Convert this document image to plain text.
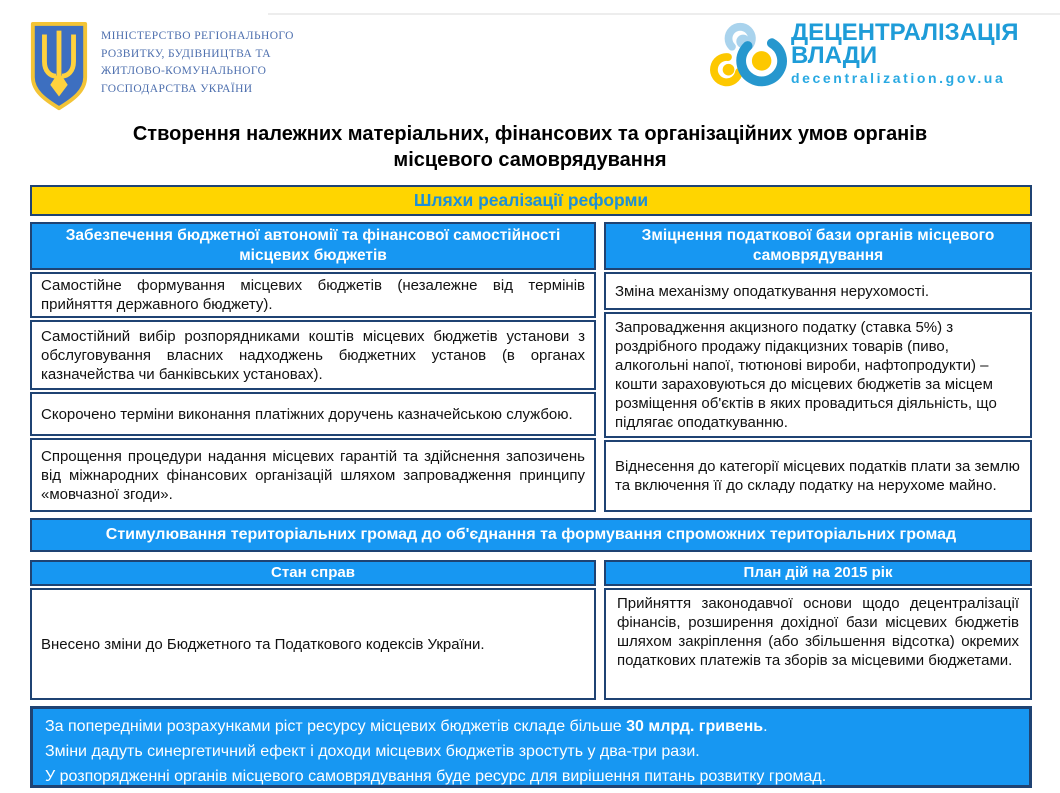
МІНІСТЕРСТВО РЕГІОНАЛЬНОГО
РОЗВИТКУ, БУДІВНИЦТВА ТА
ЖИТЛОВО-КОМУНАЛЬНОГО
ГОСПОДАРСТВА УКРАЇНИ
ДЕЦЕНТРАЛІЗАЦІЯ
ВЛАДИ
decentralization.gov.ua
Створення належних матеріальних, фінансових та організаційних умов органів місцевого самоврядування
Шляхи реалізації реформи
Забезпечення бюджетної автономії та фінансової самостійності місцевих бюджетів
Самостійне формування місцевих бюджетів (незалежне від термінів прийняття державного бюджету).
Самостійний вибір розпорядниками коштів місцевих бюджетів установи з обслуговування власних надходжень бюджетних установ (в органах казначейства чи банківських установах).
Скорочено терміни виконання платіжних доручень казначейською службою.
Спрощення процедури надання місцевих гарантій та здійснення запозичень від міжнародних фінансових організацій шляхом запровадження принципу «мовчазної згоди».
Зміцнення податкової бази органів місцевого самоврядування
Зміна механізму оподаткування нерухомості.
Запровадження акцизного податку (ставка 5%) з роздрібного продажу підакцизних товарів (пиво, алкогольні напої, тютюнові вироби, нафтопродукти) – кошти зараховуються до місцевих бюджетів за місцем розміщення об'єктів в яких провадиться діяльність, що підлягає оподаткуванню.
Віднесення до категорії місцевих податків плати за землю та включення її до складу податку на нерухоме майно.
Стимулювання територіальних громад до об'єднання та формування спроможних територіальних громад
Стан справ
Внесено зміни до Бюджетного та Податкового кодексів України.
План дій на 2015 рік
Прийняття законодавчої основи щодо децентралізації фінансів, розширення дохідної бази місцевих бюджетів шляхом закріплення (або збільшення відсотка) окремих податкових платежів та зборів за місцевими бюджетами.
За попередніми розрахунками ріст ресурсу місцевих бюджетів складе більше 30 млрд. гривень.
Зміни дадуть синергетичний ефект і доходи місцевих бюджетів зростуть у два-три рази.
У розпорядженні органів місцевого самоврядування буде ресурс для вирішення питань розвитку громад.
